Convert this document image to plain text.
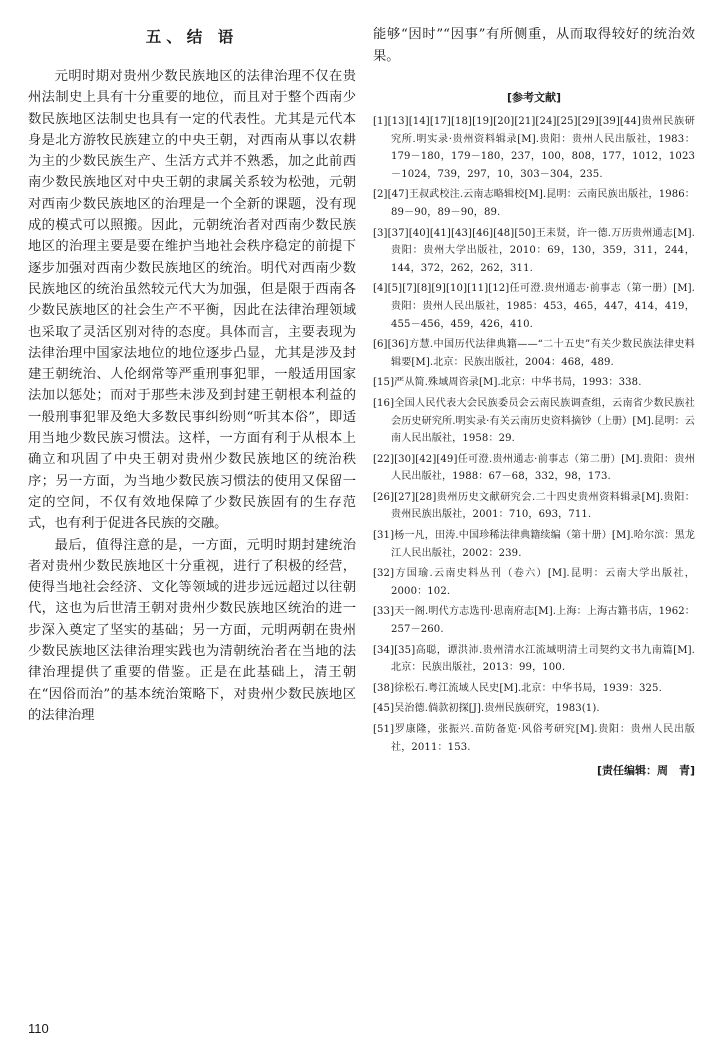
五、结 语

元明时期对贵州少数民族地区的法律治理不仅在贵州法制史上具有十分重要的地位，而且对于整个西南少数民族地区法制史也具有一定的代表性。尤其是元代本身是北方游牧民族建立的中央王朝，对西南从事以农耕为主的少数民族生产、生活方式并不熟悉，加之此前西南少数民族地区对中央王朝的隶属关系较为松弛，元朝对西南少数民族地区的治理是一个全新的课题，没有现成的模式可以照搬。因此，元朝统治者对西南少数民族地区的治理主要是要在维护当地社会秩序稳定的前提下逐步加强对西南少数民族地区的统治。明代对西南少数民族地区的统治虽然较元代大为加强，但是限于西南各少数民族地区的社会生产不平衡，因此在法律治理领域也采取了灵活区别对待的态度。具体而言，主要表现为法律治理中国家法地位的地位逐步凸显，尤其是涉及封建王朝统治、人伦纲常等严重刑事犯罪，一般适用国家法加以惩处；而对于那些未涉及到封建王朝根本利益的一般刑事犯罪及绝大多数民事纠纷则“听其本俗”，即适用当地少数民族习惯法。这样，一方面有利于从根本上确立和巩固了中央王朝对贵州少数民族地区的统治秩序；另一方面，为当地少数民族习惯法的使用又保留一定的空间，不仅有效地保障了少数民族固有的生存范式，也有利于促进各民族的交融。

最后，值得注意的是，一方面，元明时期封建统治者对贵州少数民族地区十分重视，进行了积极的经营，使得当地社会经济、文化等领域的进步远远超过以往朝代，这也为后世清王朝对贵州少数民族地区统治的进一步深入奠定了坚实的基础；另一方面，元明两朝在贵州少数民族地区法律治理实践也为清朝统治者在当地的法律治理提供了重要的借鉴。正是在此基础上，清王朝在“因俗而治”的基本统治策略下，对贵州少数民族地区的法律治理

能够“因时”“因事”有所侧重，从而取得较好的统治效果。

[参考文献]
[1][13][14][17][18][19][20][21][24][25][29][39][44]贵州民族研究所.明实录·贵州资料辑录[M].贵阳：贵州人民出版社，1983：179－180，179－180，237，100，808，177，1012，1023－1024，739，297，10，303－304，235.
[2][47]王叔武校注.云南志略辑校[M].昆明：云南民族出版社，1986：89－90，89－90，89.
[3][37][40][41][43][46][48][50]王耒贤，许一德.万历贵州通志[M].贵阳：贵州大学出版社，2010：69，130，359，311，244，144，372，262，262，311.
[4][5][7][8][9][10][11][12]任可澄.贵州通志·前事志（第一册）[M].贵阳：贵州人民出版社，1985：453，465，447，414，419，455－456，459，426，410.
[6][36]方慧.中国历代法律典籍——“二十五史”有关少数民族法律史料辑要[M].北京：民族出版社，2004：468，489.
[15]严从简.殊域周咨录[M].北京：中华书局，1993：338.
[16]全国人民代表大会民族委员会云南民族调查组，云南省少数民族社会历史研究所.明实录·有关云南历史资料摘钞（上册）[M].昆明：云南人民出版社，1958：29.
[22][30][42][49]任可澄.贵州通志·前事志（第二册）[M].贵阳：贵州人民出版社，1988：67－68，332，98，173.
[26][27][28]贵州历史文献研究会.二十四史贵州资料辑录[M].贵阳：贵州民族出版社，2001：710，693，711.
[31]杨一凡，田涛.中国珍稀法律典籍续编（第十册）[M].哈尔滨：黑龙江人民出版社，2002：239.
[32]方国瑜.云南史料丛刊（卷六）[M].昆明：云南大学出版社，2000：102.
[33]天一阁.明代方志选刊·思南府志[M].上海：上海古籍书店，1962：257－260.
[34][35]高聪，谭洪沛.贵州清水江流域明清土司契约文书九南篇[M].北京：民族出版社，2013：99，100.
[38]徐松石.粤江流域人民史[M].北京：中华书局，1939：325.
[45]吴治德.倘款初探[J].贵州民族研究，1983(1).
[51]罗康隆，张振兴.苗防备览·风俗考研究[M].贵阳：贵州人民出版社，2011：153.
[责任编辑：周　青]
110
